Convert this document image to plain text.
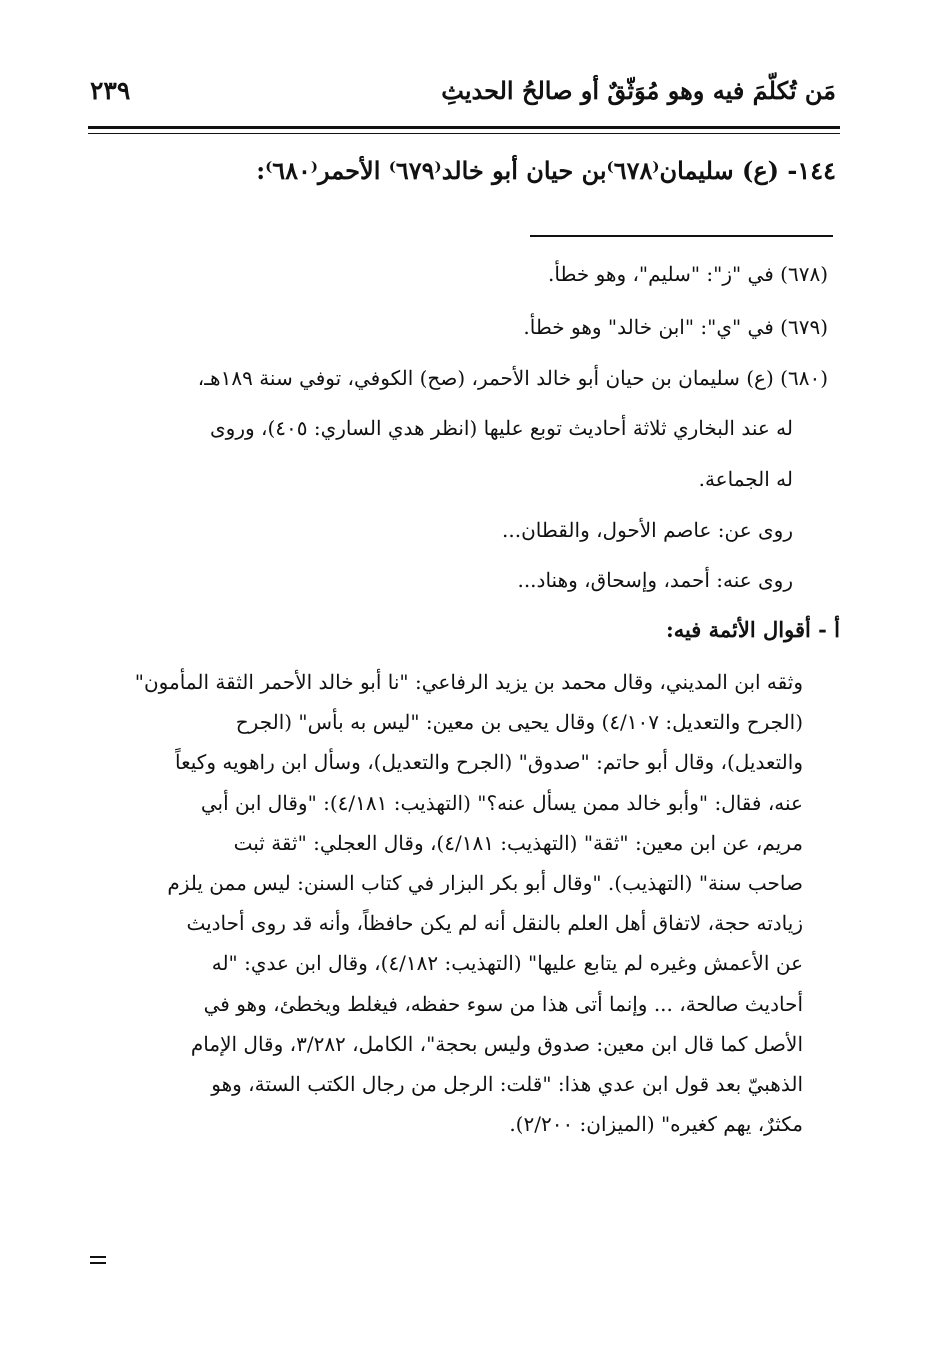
مَن تُكلّمَ فيه وهو مُوَثّقٌ أو صالحُ الحديثِ
٢٣٩
١٤٤- (ع) سليمان⁽٦٧٨⁾بن حيان أبو خالد⁽٦٧٩⁾ الأحمر⁽٦٨٠⁾:
(٦٧٨) في "ز": "سليم"، وهو خطأ.
(٦٧٩) في "ي": "ابن خالد" وهو خطأ.
(٦٨٠) (ع) سليمان بن حيان أبو خالد الأحمر، (صح) الكوفي، توفي سنة ١٨٩هـ،
له عند البخاري ثلاثة أحاديث توبع عليها (انظر هدي الساري: ٤٠٥)، وروى
له الجماعة.
روى عن: عاصم الأحول، والقطان...
روى عنه: أحمد، وإسحاق، وهناد...
أ - أقوال الأئمة فيه:
وثقه ابن المديني، وقال محمد بن يزيد الرفاعي: "نا أبو خالد الأحمر الثقة المأمون"
(الجرح والتعديل: ٤/١٠٧) وقال يحيى بن معين: "ليس به بأس" (الجرح
والتعديل)، وقال أبو حاتم: "صدوق" (الجرح والتعديل)، وسأل ابن راهويه وكيعاً
عنه، فقال: "وأبو خالد ممن يسأل عنه؟" (التهذيب: ٤/١٨١): "وقال ابن أبي
مريم، عن ابن معين: "ثقة" (التهذيب: ٤/١٨١)، وقال العجلي: "ثقة ثبت
صاحب سنة" (التهذيب). "وقال أبو بكر البزار في كتاب السنن: ليس ممن يلزم
زيادته حجة، لاتفاق أهل العلم بالنقل أنه لم يكن حافظاً، وأنه قد روى أحاديث
عن الأعمش وغيره لم يتابع عليها" (التهذيب: ٤/١٨٢)، وقال ابن عدي: "له
أحاديث صالحة، ... وإنما أتى هذا من سوء حفظه، فيغلط ويخطئ، وهو في
الأصل كما قال ابن معين: صدوق وليس بحجة"، الكامل، ٣/٢٨٢، وقال الإمام
الذهبيّ بعد قول ابن عدي هذا: "قلت: الرجل من رجال الكتب الستة، وهو
مكثرٌ، يهم كغيره" (الميزان: ٢/٢٠٠).
